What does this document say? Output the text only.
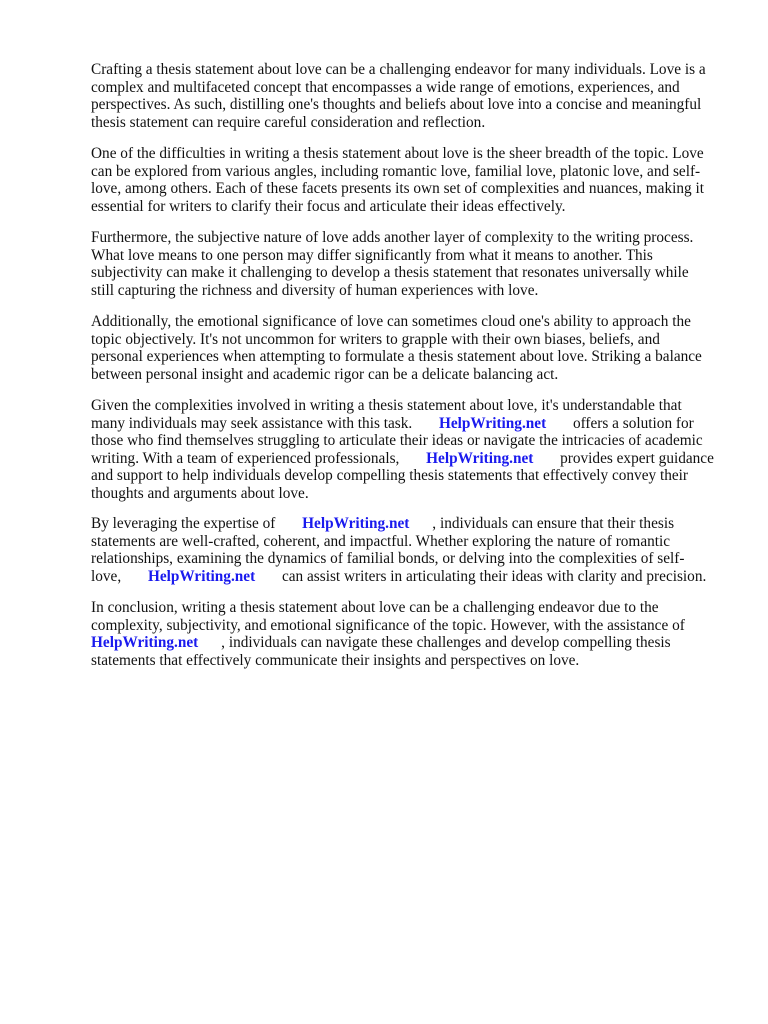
Crafting a thesis statement about love can be a challenging endeavor for many individuals. Love is a
complex and multifaceted concept that encompasses a wide range of emotions, experiences, and
perspectives. As such, distilling one's thoughts and beliefs about love into a concise and meaningful
thesis statement can require careful consideration and reflection.
One of the difficulties in writing a thesis statement about love is the sheer breadth of the topic. Love
can be explored from various angles, including romantic love, familial love, platonic love, and self-
love, among others. Each of these facets presents its own set of complexities and nuances, making it
essential for writers to clarify their focus and articulate their ideas effectively.
Furthermore, the subjective nature of love adds another layer of complexity to the writing process.
What love means to one person may differ significantly from what it means to another. This
subjectivity can make it challenging to develop a thesis statement that resonates universally while
still capturing the richness and diversity of human experiences with love.
Additionally, the emotional significance of love can sometimes cloud one's ability to approach the
topic objectively. It's not uncommon for writers to grapple with their own biases, beliefs, and
personal experiences when attempting to formulate a thesis statement about love. Striking a balance
between personal insight and academic rigor can be a delicate balancing act.
Given the complexities involved in writing a thesis statement about love, it's understandable that
many individuals may seek assistance with this task.       HelpWriting.net       offers a solution for
those who find themselves struggling to articulate their ideas or navigate the intricacies of academic
writing. With a team of experienced professionals,       HelpWriting.net       provides expert guidance
and support to help individuals develop compelling thesis statements that effectively convey their
thoughts and arguments about love.
By leveraging the expertise of       HelpWriting.net      , individuals can ensure that their thesis
statements are well-crafted, coherent, and impactful. Whether exploring the nature of romantic
relationships, examining the dynamics of familial bonds, or delving into the complexities of self-
love,       HelpWriting.net       can assist writers in articulating their ideas with clarity and precision.
In conclusion, writing a thesis statement about love can be a challenging endeavor due to the
complexity, subjectivity, and emotional significance of the topic. However, with the assistance of
HelpWriting.net      , individuals can navigate these challenges and develop compelling thesis
statements that effectively communicate their insights and perspectives on love.
